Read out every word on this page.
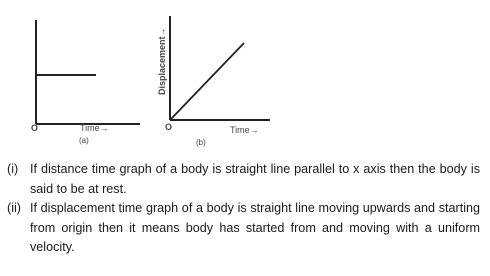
O	Time→
(a)
Displacement→
O	Time→
(b)
(i) If distance time graph of a body is straight line parallel to x axis then the body is said to be at rest.
(ii) If displacement time graph of a body is straight line moving upwards and starting from origin then it means body has started from and moving with a uniform velocity.
